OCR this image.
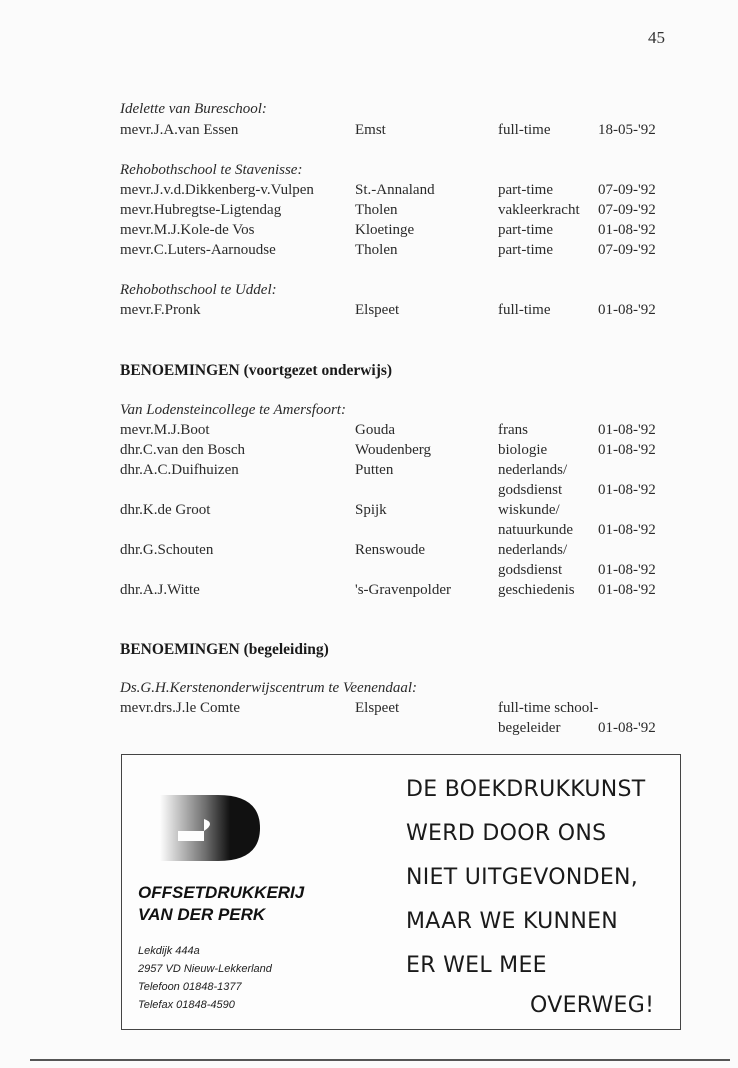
45
Idelette van Bureschool:
mevr.J.A.van Essen	Emst	full-time	18-05-'92
Rehobothschool te Stavenisse:
mevr.J.v.d.Dikkenberg-v.Vulpen	St.-Annaland	part-time	07-09-'92
mevr.Hubregtse-Ligtendag	Tholen	vakleerkracht 07-09-'92
mevr.M.J.Kole-de Vos	Kloetinge	part-time	01-08-'92
mevr.C.Luters-Aarnoudse	Tholen	part-time	07-09-'92
Rehobothschool te Uddel:
mevr.F.Pronk	Elspeet	full-time	01-08-'92
BENOEMINGEN (voortgezet onderwijs)
Van Lodensteincollege te Amersfoort:
mevr.M.J.Boot	Gouda	frans	01-08-'92
dhr.C.van den Bosch	Woudenberg	biologie	01-08-'92
dhr.A.C.Duifhuizen	Putten	nederlands/
godsdienst 01-08-'92
dhr.K.de Groot	Spijk	wiskunde/
natuurkunde 01-08-'92
dhr.G.Schouten	Renswoude	nederlands/
godsdienst 01-08-'92
dhr.A.J.Witte	's-Gravenpolder	geschiedenis 01-08-'92
BENOEMINGEN (begeleiding)
Ds.G.H.Kerstenonderwijscentrum te Veenendaal:
mevr.drs.J.le Comte	Elspeet	full-time school-
begeleider	01-08-'92
OFFSETDRUKKERIJ
VAN DER PERK
Lekdijk 444a
2957 VD Nieuw-Lekkerland
Telefoon 01848-1377
Telefax 01848-4590
DE BOEKDRUKKUNST
WERD DOOR ONS
NIET UITGEVONDEN,
MAAR WE KUNNEN
ER WEL MEE
OVERWEG!
